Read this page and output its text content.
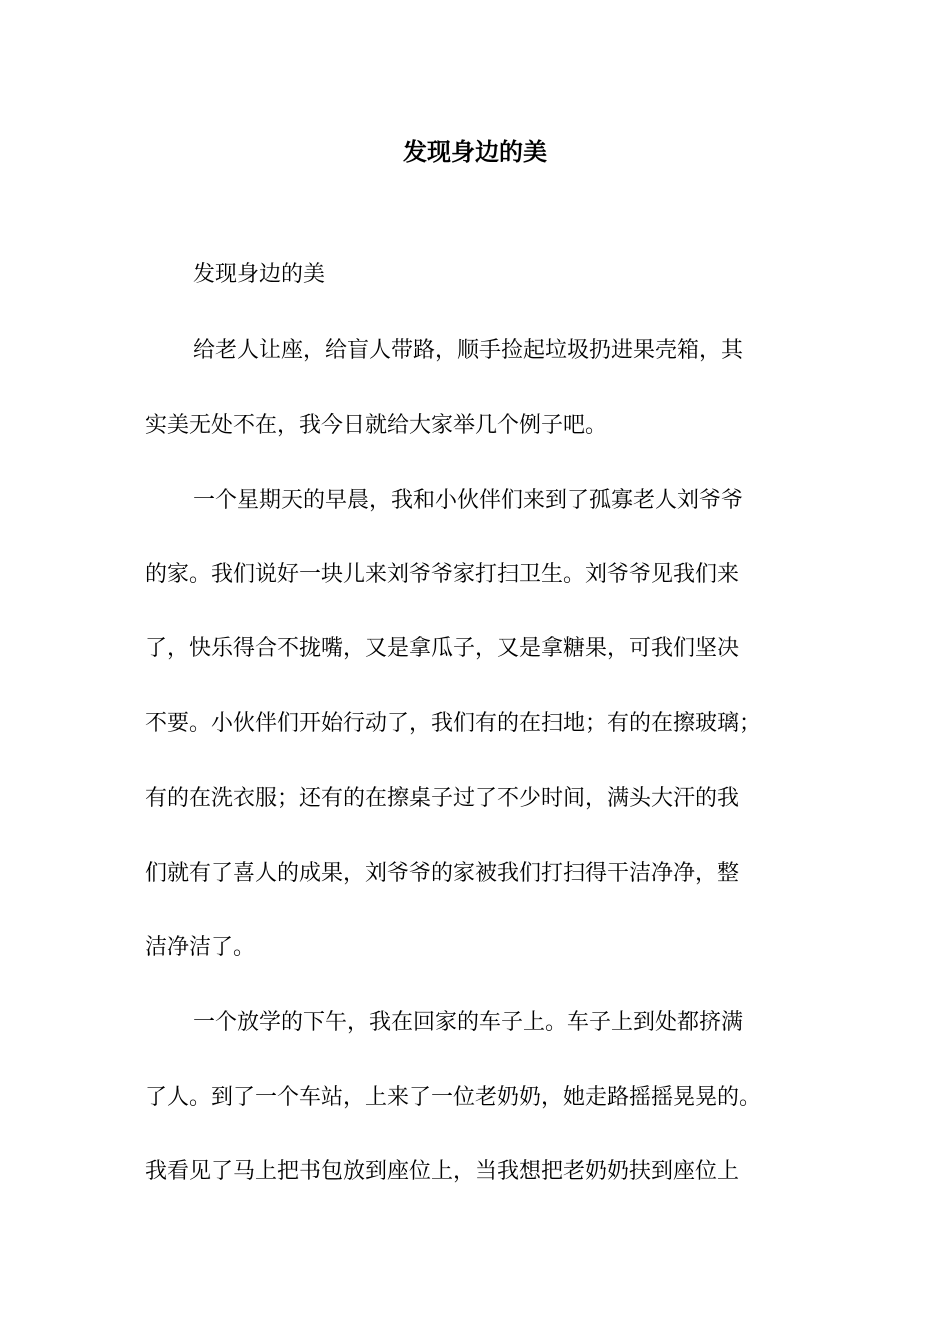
发现身边的美

发现身边的美

给老人让座，给盲人带路，顺手捡起垃圾扔进果壳箱，其

实美无处不在，我今日就给大家举几个例子吧。

一个星期天的早晨，我和小伙伴们来到了孤寡老人刘爷爷

的家。我们说好一块儿来刘爷爷家打扫卫生。刘爷爷见我们来

了，快乐得合不拢嘴，又是拿瓜子，又是拿糖果，可我们坚决

不要。小伙伴们开始行动了，我们有的在扫地；有的在擦玻璃；

有的在洗衣服；还有的在擦桌子过了不少时间，满头大汗的我

们就有了喜人的成果，刘爷爷的家被我们打扫得干洁净净，整

洁净洁了。

一个放学的下午，我在回家的车子上。车子上到处都挤满

了人。到了一个车站，上来了一位老奶奶，她走路摇摇晃晃的。

我看见了马上把书包放到座位上，当我想把老奶奶扶到座位上
